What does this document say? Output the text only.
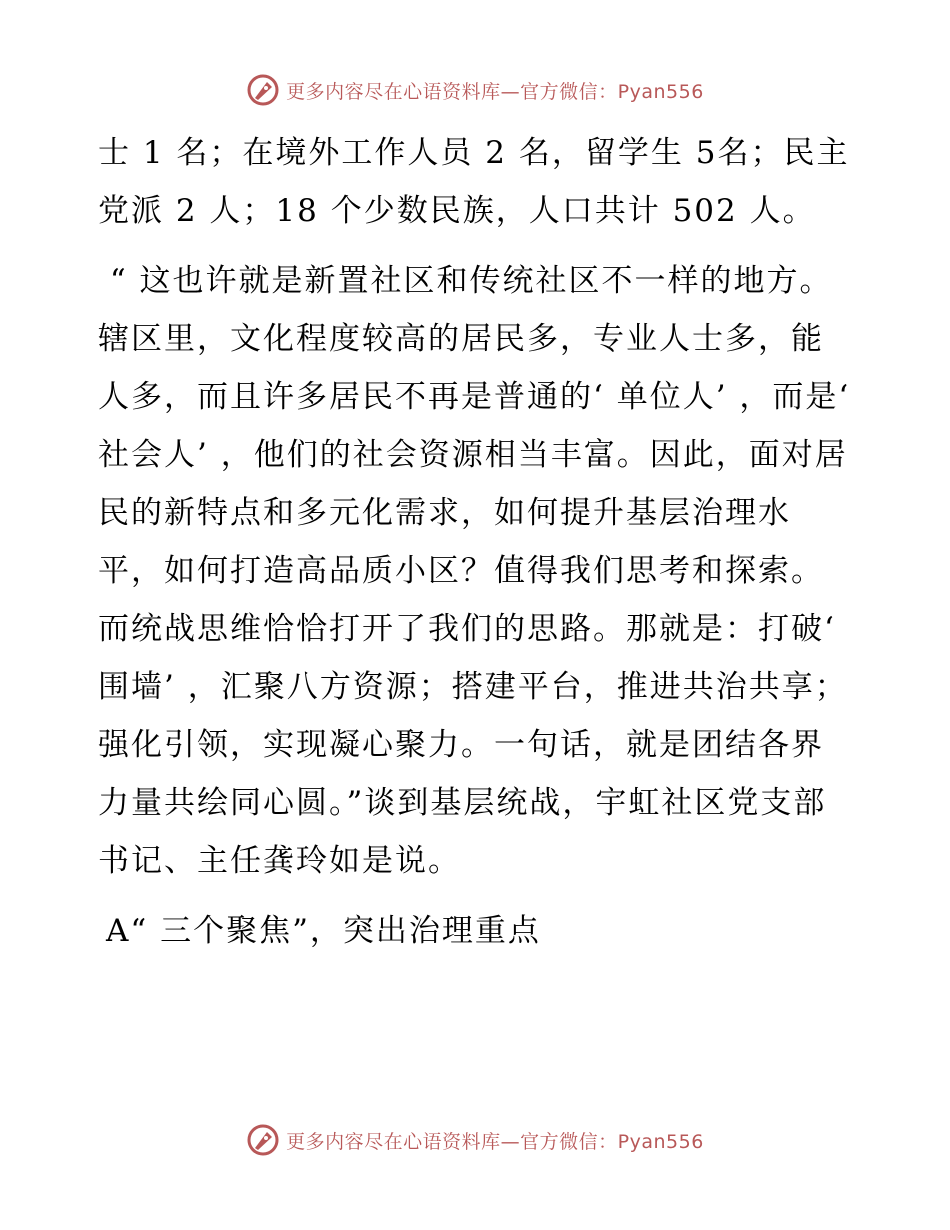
更多内容尽在心语资料库—官方微信：Pyan556

士 1 名；在境外工作人员 2 名，留学生 5名；民主党派 2 人；18 个少数民族，人口共计 502 人。

“ 这也许就是新置社区和传统社区不一样的地方。辖区里，文化程度较高的居民多，专业人士多，能人多，而且许多居民不再是普通的‘ 单位人’ ，而是‘ 社会人’ ，他们的社会资源相当丰富。因此，面对居民的新特点和多元化需求，如何提升基层治理水平，如何打造高品质小区？值得我们思考和探索。而统战思维恰恰打开了我们的思路。那就是：打破‘ 围墙’ ，汇聚八方资源；搭建平台，推进共治共享；强化引领，实现凝心聚力。一句话，就是团结各界力量共绘同心圆。”谈到基层统战，宇虹社区党支部书记、主任龚玲如是说。

A“ 三个聚焦”，突出治理重点

更多内容尽在心语资料库—官方微信：Pyan556
